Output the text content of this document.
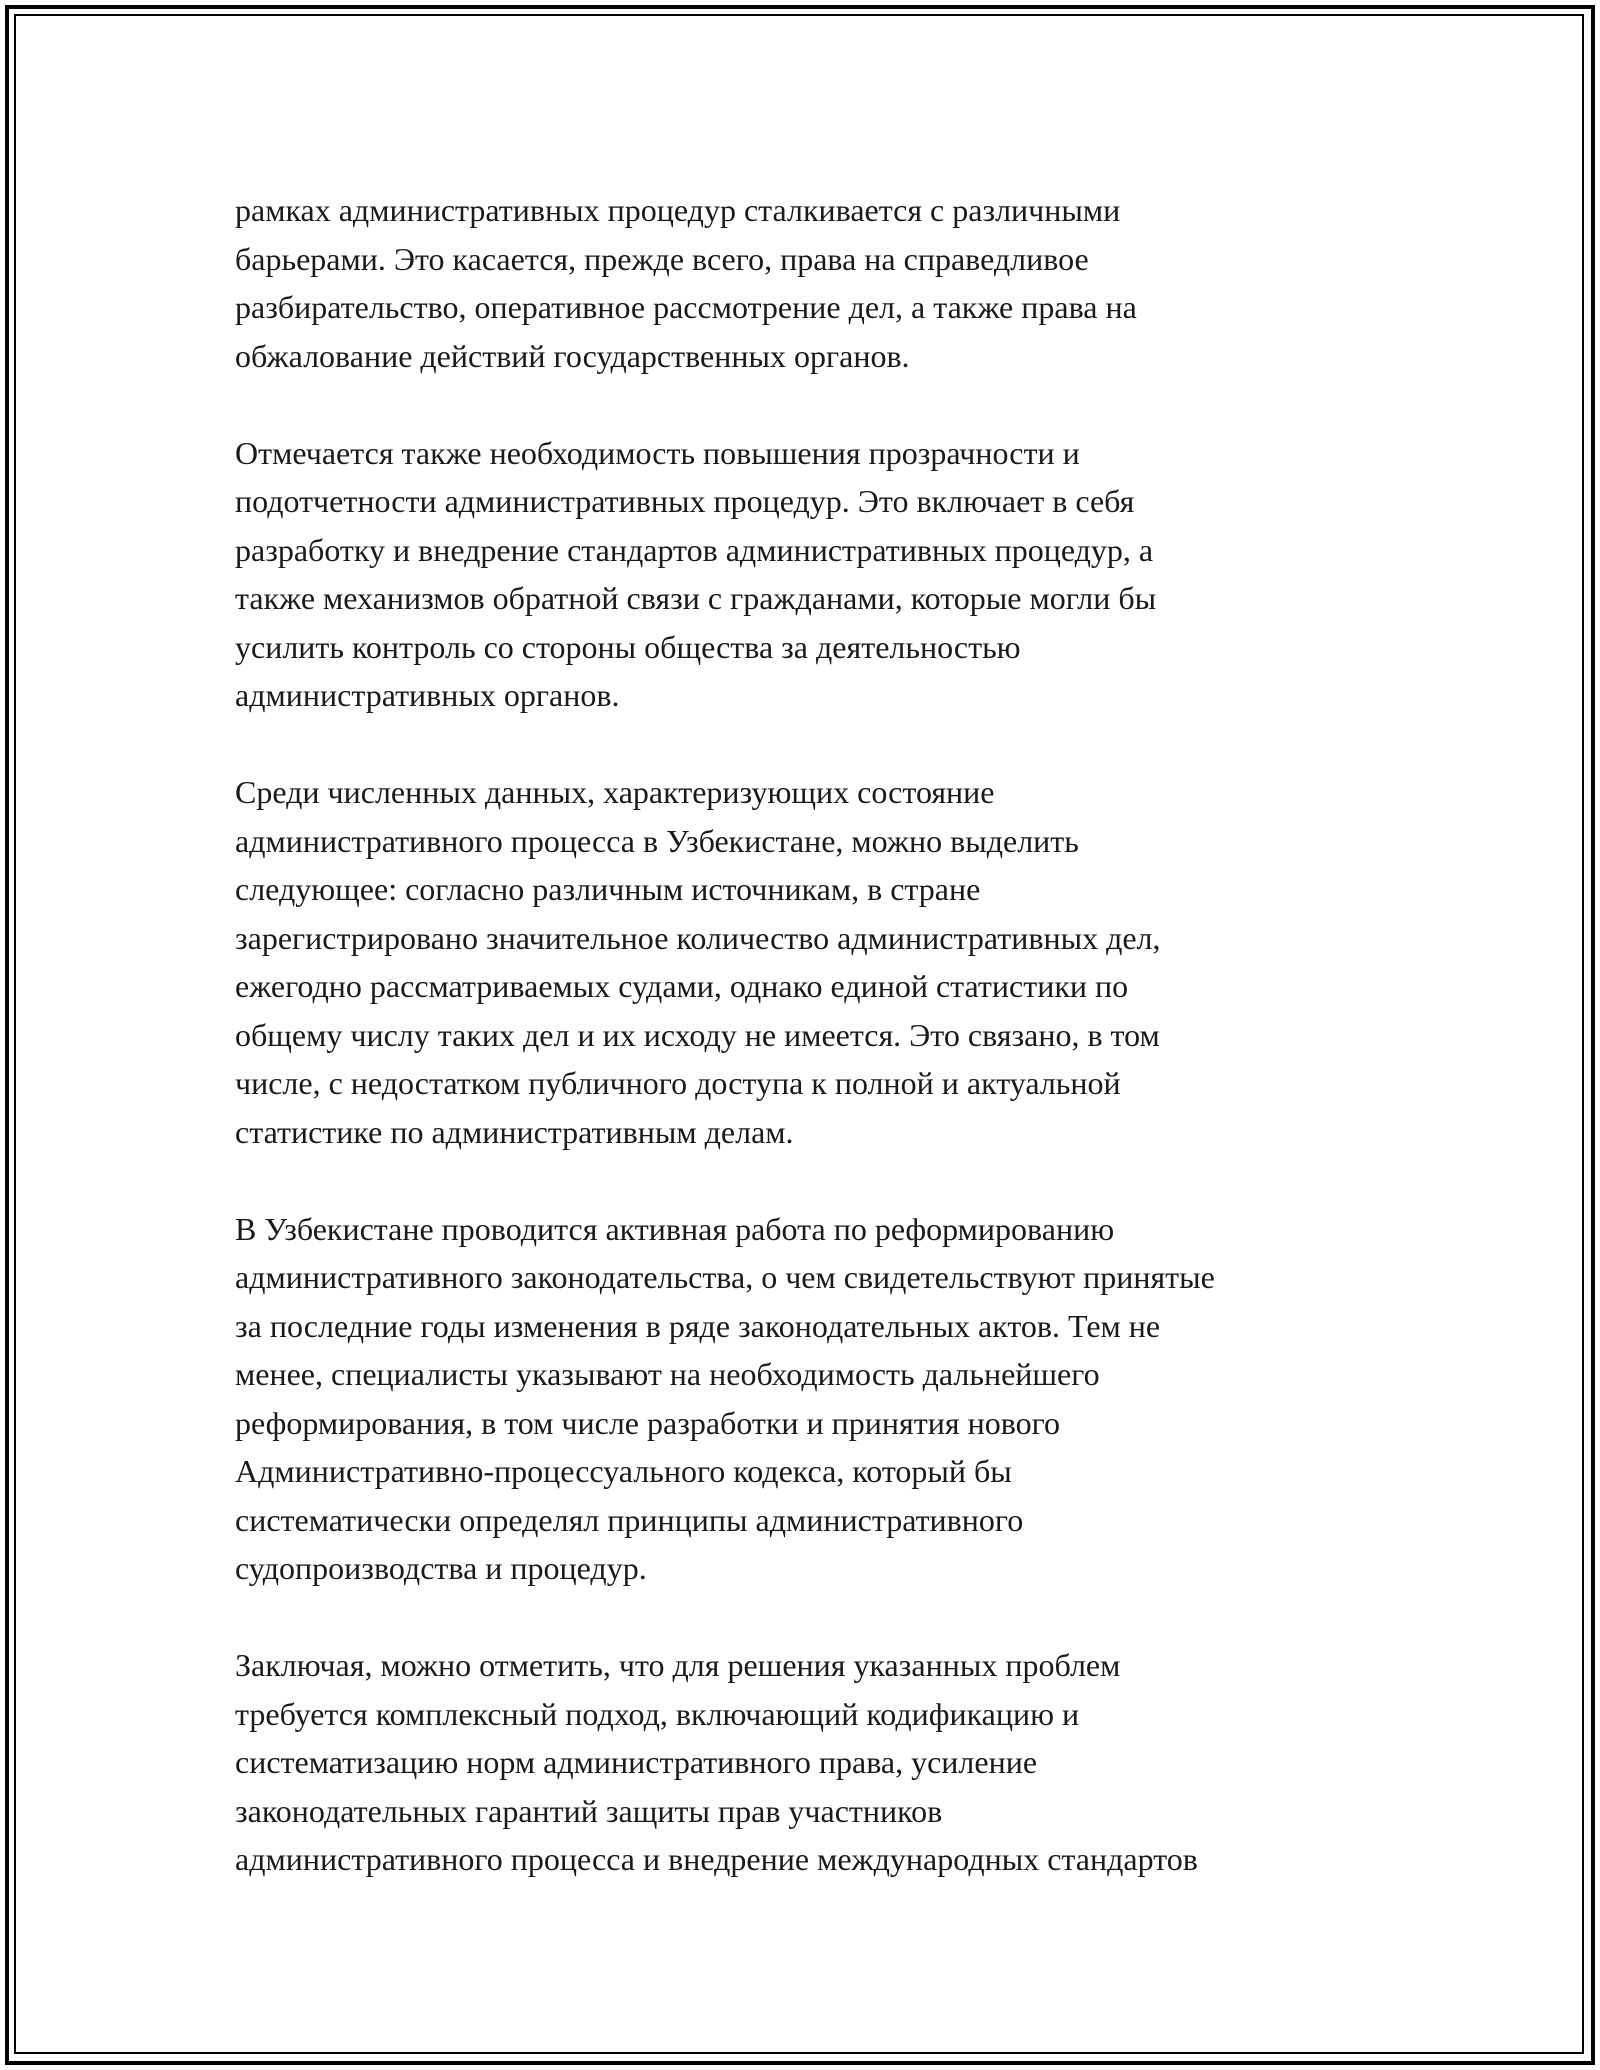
рамках административных процедур сталкивается с различными
барьерами. Это касается, прежде всего, права на справедливое
разбирательство, оперативное рассмотрение дел, а также права на
обжалование действий государственных органов.

Отмечается также необходимость повышения прозрачности и
подотчетности административных процедур. Это включает в себя
разработку и внедрение стандартов административных процедур, а
также механизмов обратной связи с гражданами, которые могли бы
усилить контроль со стороны общества за деятельностью
административных органов.

Среди численных данных, характеризующих состояние
административного процесса в Узбекистане, можно выделить
следующее: согласно различным источникам, в стране
зарегистрировано значительное количество административных дел,
ежегодно рассматриваемых судами, однако единой статистики по
общему числу таких дел и их исходу не имеется. Это связано, в том
числе, с недостатком публичного доступа к полной и актуальной
статистике по административным делам.

В Узбекистане проводится активная работа по реформированию
административного законодательства, о чем свидетельствуют принятые
за последние годы изменения в ряде законодательных актов. Тем не
менее, специалисты указывают на необходимость дальнейшего
реформирования, в том числе разработки и принятия нового
Административно-процессуального кодекса, который бы
систематически определял принципы административного
судопроизводства и процедур.

Заключая, можно отметить, что для решения указанных проблем
требуется комплексный подход, включающий кодификацию и
систематизацию норм административного права, усиление
законодательных гарантий защиты прав участников
административного процесса и внедрение международных стандартов
